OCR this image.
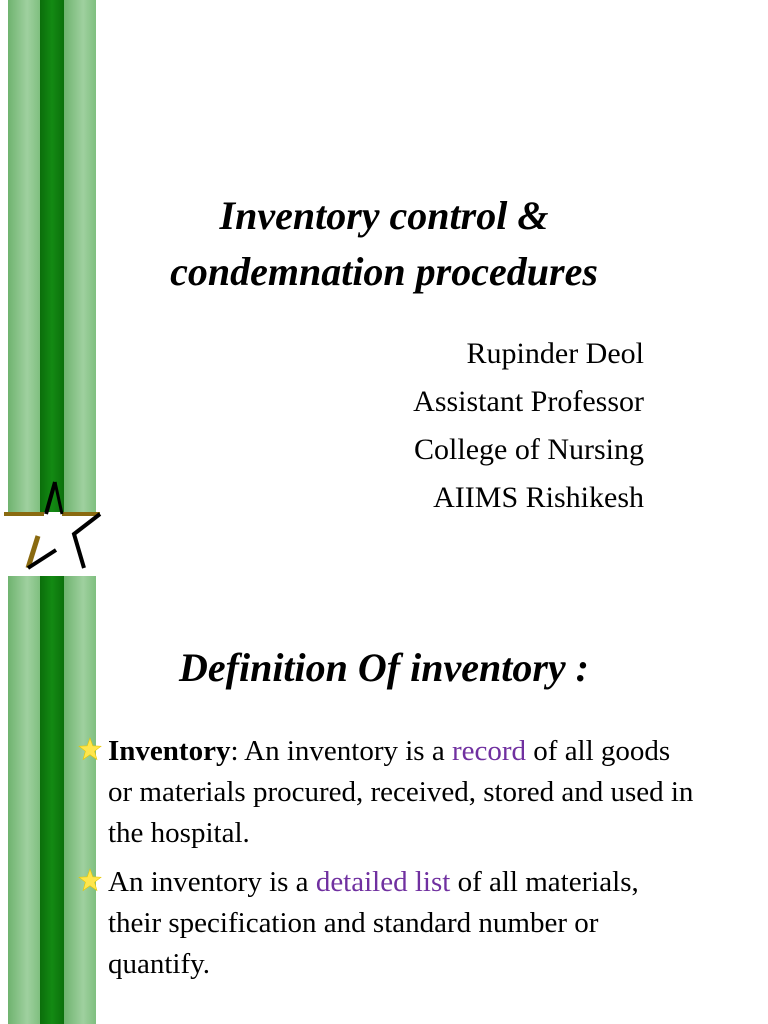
Inventory control &
condemnation procedures
Rupinder Deol
Assistant Professor
College of Nursing
AIIMS Rishikesh
Definition Of inventory :
Inventory: An inventory is a record of all goods or materials procured, received, stored and used in the hospital.
An inventory is a detailed list of all materials, their specification and standard number or quantify.
